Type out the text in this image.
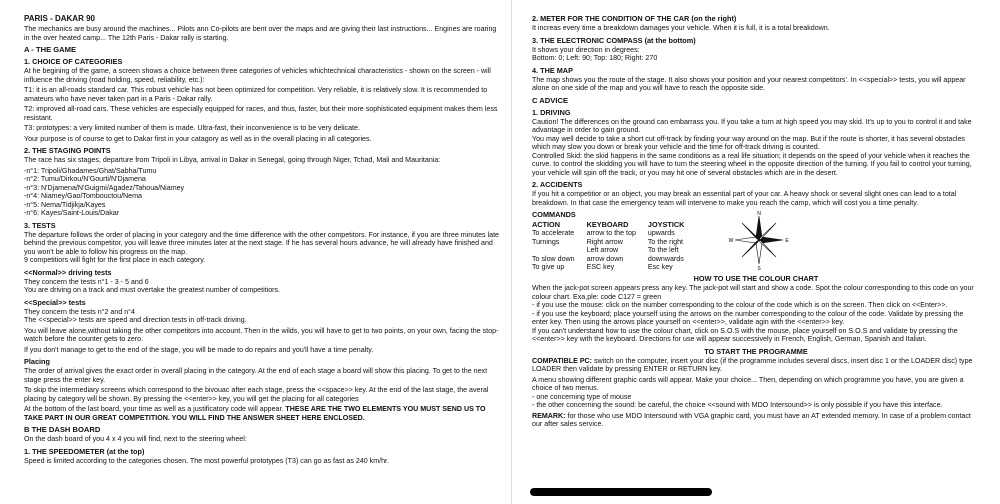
PARIS - DAKAR 90

The mechanics are busy around the machines... Pilots ann Co-pilots are bent over the maps and are giving their last instructions... Engines are roaring in the over heated camp... The 12th Paris - Dakar rally is starting.

A - THE GAME

1. CHOICE OF CATEGORIES

At he begining of the game, a screen shows a choice between three categories of vehicles whichtechnical characteristics - shown on the screen - will influence the driving (road holding, speed, reliability, etc.):

T1: it is an all-roads standard car. This robust vehicle has not been optimized for competition. Very reliable, it is relatively slow. It is recommended to amateurs who have never taken part in a Paris - Dakar rally.

T2: improved all-road cars. These vehicles are especially equipped for races, and thus, faster, but their more sophisticated equipment makes them less resistant.

T3: prototypes: a very limited number of them is made. Ultra-fast, their inconvenience is to be very delicate.

Your purpose is of course to get to Dakar first in your catagory as well as in the overall placing in all categories.

2. THE STAGING POINTS

The race has six stages, departure from Tripoli in Libya, arrival in Dakar in Senegal, going through Niger, Tchad, Mali and Mauritania:

-n°1: Tripoli/Ghadames/Ghat/Sabha/Tumu

-n°2: Tumu/Dirkou/N'Gourti/N'Djamena

-n°3: N'Djamena/N'Guigmi/Agadez/Tahoua/Niamey

-n°4: Niamey/Gao/Tombouctou/Nema

-n°5: Nema/Tidjikja/Kayes

-n°6: Kayes/Saint-Louis/Dakar

3. TESTS

The departure follows the order of placing in your category and the time difference with the other competitors. For instance, if you are three minutes late behind the previous competitor, you will leave three minutes later at the next stage. If he has several hours advance, he will already have finished and you won't be able to follow his progress on the map.

9 competitiors will fight for the first place in each category.

<<Normal>> driving tests

They concern the tests n°1 - 3 - 5 and 6

You are driving on a track and must overtake the greatest number of competitiors.

<<Special>> tests

They concern the tests n°2 and n°4

The <<special>> tests are speed and direction tests in off-track driving.

You will leave alone,without taking the other competitors into account. Then in the wilds, you will have to get to two points, on your own, facing the stop-watch before the counter gets to zero.

If you don't manage to get to the end of the stage, you will be made to do repairs and you'll have a time penalty.

Placing

The order of arrival gives the exact order in overall placing in the category. At the end of each stage a board will show this placing. To get to the next stage press the enter key.

To skip the intermediary screens which correspond to the bivouac after each stage, press the <<space>> key. At the end of the last stage, the averal placing by category will be shown. By pressing the <<enter>> key, you will get the placing for all categories

At the bottom of the last board, your time as well as a justificatory code will appear. THESE ARE THE TWO ELEMENTS YOU MUST SEND US TO TAKE PART IN OUR GREAT COMPETITION. YOU WILL FIND THE ANSWER SHEET HERE ENCLOSED.

B THE DASH BOARD

On the dash board of you 4 x 4 you will find, next to the steering wheel:

1. THE SPEEDOMETER (at the top)

Speed is limited according to the categories chosen. The most powerful prototypes (T3) can go as fast as 240 km/hr.

2. METER FOR THE CONDITION OF THE CAR (on the right)

It increas every time a breakdown damages your vehicle. When it is full, it is a total breakdown.

3. THE ELECTRONIC COMPASS (at the bottom)

It shows your direction in degrees:

Bottom: 0; Left: 90; Top: 180; Right: 270

4. THE MAP

The map shows you the route of the stage. It also shows your position and your nearest competitors'. In <<special>> tests, you will appear alone on one side of the map and you will have to reach the opposite side.

C ADVICE

1. DRIVING

Caution! The differences on the ground can embarrass you. If you take a turn at high speed you may skid. It's up to you to control it and take advantage in order to gain ground.

You may well decide to take a short cut off-track by finding your way around on the map. But if the route is shorter, it has several obstacles which may slow you down or break your vehicle and the time for off-track driving is counted.

Controlled Skid: the skid happens in the same conditions as a real life situation; it depends on the speed of your vehicle when it reaches the curve. to control the skidding you will have to turn the steering wheel in the opposite direction of the turning. If you fail to control your turning, your vehicle will spin off the track, or you may hit one of several obstacles which are in the desert.

2. ACCIDENTS

If you hit a competitior or an object, you may break an essential part of your car. A heavy shock or several slight ones can lead to a total breakdown. In that case the emergency team will intervene to make you reach the camp, which will cost you a time penalty.

COMMANDS

ACTION	KEYBOARD	JOYSTICK
To accelerate	arrow to the top	upwards
Turnings	Right arrow	To the right
	Left arrow	To the left
To slow down	arrow down	downwards
To give up	ESC key	Esc key
N
S
E
W

HOW TO USE THE COLOUR CHART

When the jack-pot screen appears press any key. The jack-pot will start and show a code. Spot the colour corresponding to this code on your colour chart. Exa,ple: code C127 = green

- if you use the mouse: click on the number corresponding to the colour of the code which is on the screen. Then click on <<Enter>>.

- if you use the keyboard; place yourself using the arrows on the number corresponding to the colour of the code. Validate by pressing the enter key. Then using the arrows place yourself on <<enter>>, validate agin with the <<enter>> key.

If you can't understand how to use the colour chart, click on S.O.S with the mouse, place yourself on S.O.S and validate by pressing the <<enter>> key with the keyboard. Directions for use will appear successively in French, English, German, Spanish and Italian.

TO START THE PROGRAMME

COMPATIBLE PC: switch on the computer, insert your disc (if the programme includes several discs, insert disc 1 or the LOADER disc) type LOADER then validate by pressing ENTER or RETURN key.

A menu showing different graphic cards will appear. Make your choice... Then, depending on which programme you have, you are given a choice of two menus.

- one concerning type of mouse

- the other concerning the sound: be careful, the choice <<sound with MDO Intersound>> is only possible if you have this interface.

REMARK: for those who use MDO Intersound with VGA graphic card, you must have an AT extended memory. In case of a problem contact our after sales service.
